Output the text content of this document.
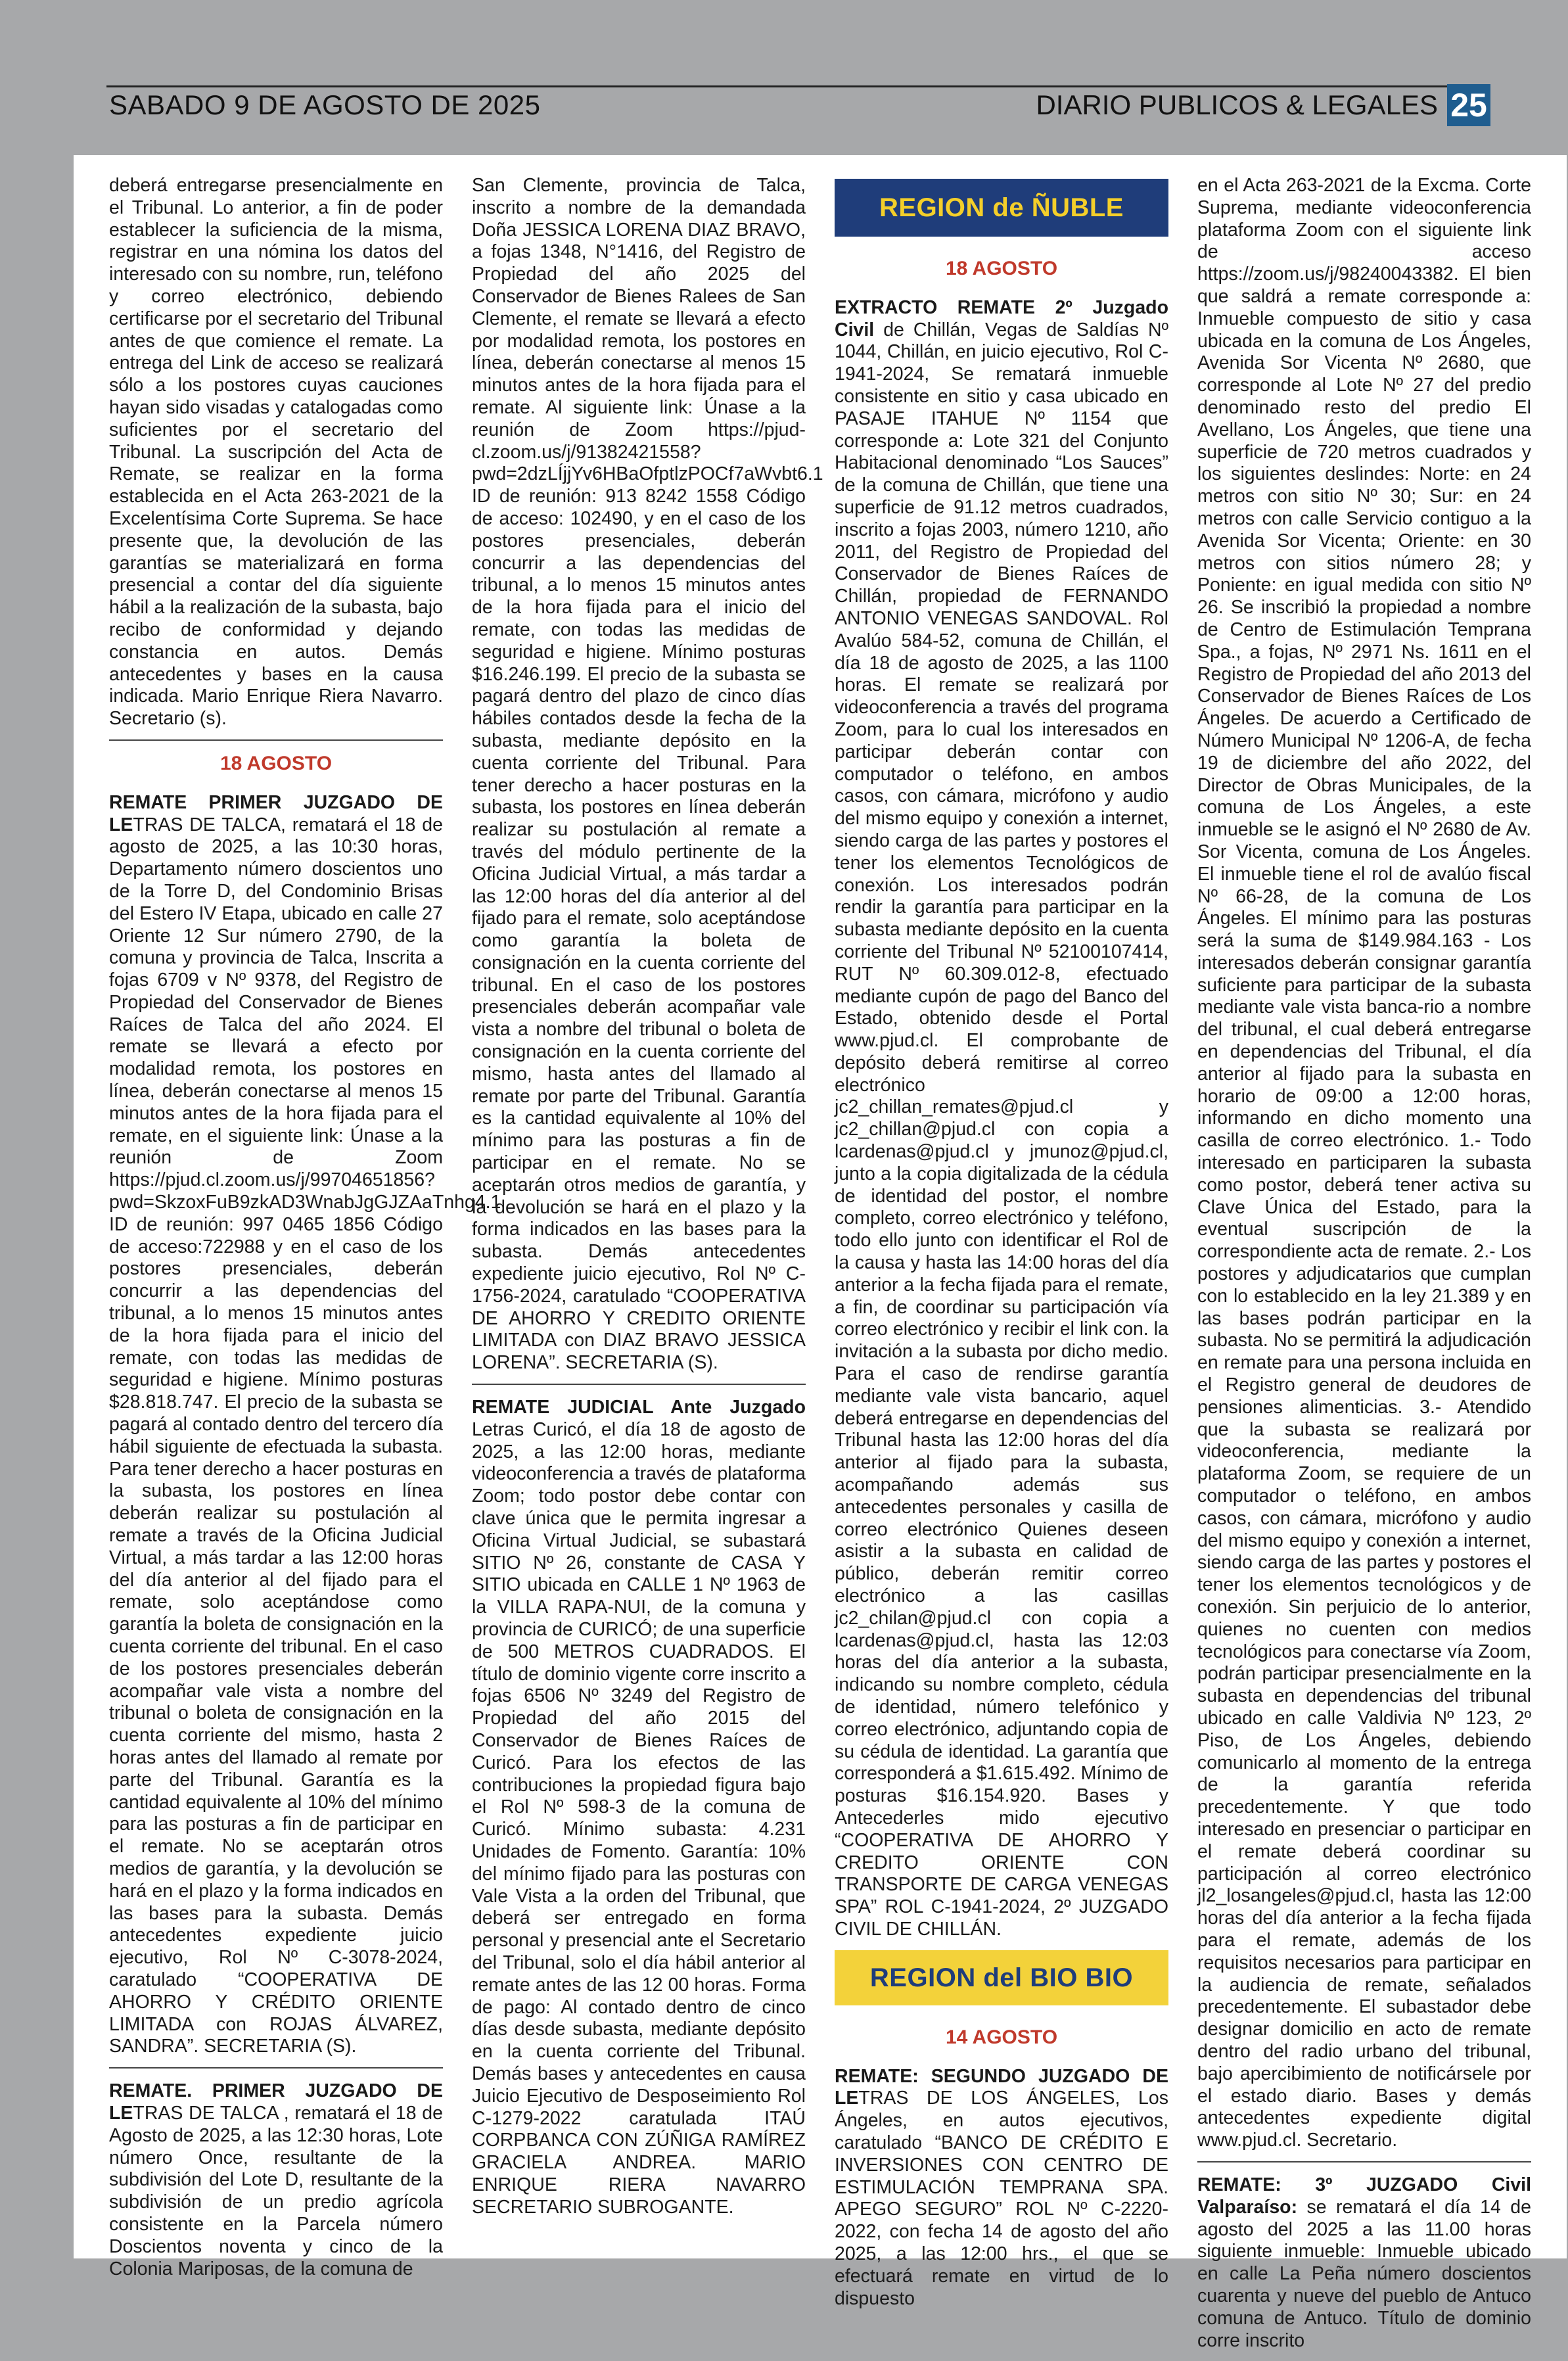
SABADO 9 DE AGOSTO DE 2025	DIARIO PUBLICOS & LEGALES 25

deberá entregarse presencialmente en el Tribunal. Lo anterior, a fin de poder establecer la suficiencia de la misma, registrar en una nómina los datos del interesado con su nombre, run, teléfono y correo electrónico, debiendo certificarse por el secretario del Tribunal antes de que comience el remate. La entrega del Link de acceso se realizará sólo a los postores cuyas cauciones hayan sido visadas y catalogadas como suficientes por el secretario del Tribunal. La suscripción del Acta de Remate, se realizar en la forma establecida en el Acta 263-2021 de la Excelentísima Corte Suprema. Se hace presente que, la devolución de las garantías se materializará en forma presencial a contar del día siguiente hábil a la realización de la subasta, bajo recibo de conformidad y dejando constancia en autos. Demás antecedentes y bases en la causa indicada. Mario Enrique Riera Navarro. Secretario (s).

18 AGOSTO

REMATE PRIMER JUZGADO DE LETRAS DE TALCA, rematará el 18 de agosto de 2025, a las 10:30 horas, Departamento número doscientos uno de la Torre D, del Condominio Brisas del Estero IV Etapa, ubicado en calle 27 Oriente 12 Sur número 2790, de la comuna y provincia de Talca, Inscrita a fojas 6709 v Nº 9378, del Registro de Propiedad del Conservador de Bienes Raíces de Talca del año 2024. El remate se llevará a efecto por modalidad remota, los postores en línea, deberán conectarse al menos 15 minutos antes de la hora fijada para el remate, en el siguiente link: Únase a la reunión de Zoom https://pjud.cl.zoom.us/j/99704651856?pwd=SkzoxFuB9zkAD3WnabJgGJZAaTnhg4.1 ID de reunión: 997 0465 1856 Código de acceso:722988 y en el caso de los postores presenciales, deberán concurrir a las dependencias del tribunal, a lo menos 15 minutos antes de la hora fijada para el inicio del remate, con todas las medidas de seguridad e higiene. Mínimo posturas $28.818.747. El precio de la subasta se pagará al contado dentro del tercero día hábil siguiente de efectuada la subasta. Para tener derecho a hacer posturas en la subasta, los postores en línea deberán realizar su postulación al remate a través de la Oficina Judicial Virtual, a más tardar a las 12:00 horas del día anterior al del fijado para el remate, solo aceptándose como garantía la boleta de consignación en la cuenta corriente del tribunal. En el caso de los postores presenciales deberán acompañar vale vista a nombre del tribunal o boleta de consignación en la cuenta corriente del mismo, hasta 2 horas antes del llamado al remate por parte del Tribunal. Garantía es la cantidad equivalente al 10% del mínimo para las posturas a fin de participar en el remate. No se aceptarán otros medios de garantía, y la devolución se hará en el plazo y la forma indicados en las bases para la subasta. Demás antecedentes expediente juicio ejecutivo, Rol Nº C-3078-2024, caratulado “COOPERATIVA DE AHORRO Y CRÉDITO ORIENTE LIMITADA con ROJAS ÁLVAREZ, SANDRA”. SECRETARIA (S).

REMATE. PRIMER JUZGADO DE LETRAS DE TALCA , rematará el 18 de Agosto de 2025, a las 12:30 horas, Lote número Once, resultante de la subdivisión del Lote D, resultante de la subdivisión de un predio agrícola consistente en la Parcela número Doscientos noventa y cinco de la Colonia Mariposas, de la comuna de

San Clemente, provincia de Talca, inscrito a nombre de la demandada Doña JESSICA LORENA DIAZ BRAVO, a fojas 1348, N°1416, del Registro de Propiedad del año 2025 del Conservador de Bienes Ralees de San Clemente, el remate se llevará a efecto por modalidad remota, los postores en línea, deberán conectarse al menos 15 minutos antes de la hora fijada para el remate. Al siguiente link: Únase a la reunión de Zoom https://pjud-cl.zoom.us/j/91382421558?pwd=2dzLÍjjYv6HBaOfptlzPOCf7aWvbt6.1 ID de reunión: 913 8242 1558 Código de acceso: 102490, y en el caso de los postores presenciales, deberán concurrir a las dependencias del tribunal, a lo menos 15 minutos antes de la hora fijada para el inicio del remate, con todas las medidas de seguridad e higiene. Mínimo posturas $16.246.199. El precio de la subasta se pagará dentro del plazo de cinco días hábiles contados desde la fecha de la subasta, mediante depósito en la cuenta corriente del Tribunal. Para tener derecho a hacer posturas en la subasta, los postores en línea deberán realizar su postulación al remate a través del módulo pertinente de la Oficina Judicial Virtual, a más tardar a las 12:00 horas del día anterior al del fijado para el remate, solo aceptándose como garantía la boleta de consignación en la cuenta corriente del tribunal. En el caso de los postores presenciales deberán acompañar vale vista a nombre del tribunal o boleta de consignación en la cuenta corriente del mismo, hasta antes del llamado al remate por parte del Tribunal. Garantía es la cantidad equivalente al 10% del mínimo para las posturas a fin de participar en el remate. No se aceptarán otros medios de garantía, y la devolución se hará en el plazo y la forma indicados en las bases para la subasta. Demás antecedentes expediente juicio ejecutivo, Rol Nº C-1756-2024, caratulado “COOPERATIVA DE AHORRO Y CREDITO ORIENTE LIMITADA con DIAZ BRAVO JESSICA LORENA”. SECRETARIA (S).

REMATE JUDICIAL Ante Juzgado Letras Curicó, el día 18 de agosto de 2025, a las 12:00 horas, mediante videoconferencia a través de plataforma Zoom; todo postor debe contar con clave única que le permita ingresar a Oficina Virtual Judicial, se subastará SITIO Nº 26, constante de CASA Y SITIO ubicada en CALLE 1 Nº 1963 de la VILLA RAPA-NUI, de la comuna y provincia de CURICÓ; de una superficie de 500 METROS CUADRADOS. El título de dominio vigente corre inscrito a fojas 6506 Nº 3249 del Registro de Propiedad del año 2015 del Conservador de Bienes Raíces de Curicó. Para los efectos de las contribuciones la propiedad figura bajo el Rol Nº 598-3 de la comuna de Curicó. Mínimo subasta: 4.231 Unidades de Fomento. Garantía: 10% del mínimo fijado para las posturas con Vale Vista a la orden del Tribunal, que deberá ser entregado en forma personal y presencial ante el Secretario del Tribunal, solo el día hábil anterior al remate antes de las 12 00 horas. Forma de pago: Al contado dentro de cinco días desde subasta, mediante depósito en la cuenta corriente del Tribunal. Demás bases y antecedentes en causa Juicio Ejecutivo de Desposeimiento Rol C-1279-2022 caratulada ITAÚ CORPBANCA CON ZÚÑIGA RAMÍREZ GRACIELA ANDREA. MARIO ENRIQUE RIERA NAVARRO SECRETARIO SUBROGANTE.

REGION de ÑUBLE
18 AGOSTO

EXTRACTO REMATE 2º Juzgado Civil de Chillán, Vegas de Saldías Nº 1044, Chillán, en juicio ejecutivo, Rol C-1941-2024, Se rematará inmueble consistente en sitio y casa ubicado en PASAJE ITAHUE Nº 1154 que corresponde a: Lote 321 del Conjunto Habitacional denominado “Los Sauces” de la comuna de Chillán, que tiene una superficie de 91.12 metros cuadrados, inscrito a fojas 2003, número 1210, año 2011, del Registro de Propiedad del Conservador de Bienes Raíces de Chillán, propiedad de FERNANDO ANTONIO VENEGAS SANDOVAL. Rol Avalúo 584-52, comuna de Chillán, el día 18 de agosto de 2025, a las 1100 horas. El remate se realizará por videoconferencia a través del programa Zoom, para lo cual los interesados en participar deberán contar con computador o teléfono, en ambos casos, con cámara, micrófono y audio del mismo equipo y conexión a internet, siendo carga de las partes y postores el tener los elementos Tecnológicos de conexión. Los interesados podrán rendir la garantía para participar en la subasta mediante depósito en la cuenta corriente del Tribunal Nº 52100107414, RUT Nº 60.309.012-8, efectuado mediante cupón de pago del Banco del Estado, obtenido desde el Portal www.pjud.cl. El comprobante de depósito deberá remitirse al correo electrónico jc2_chillan_remates@pjud.cl y jc2_chillan@pjud.cl con copia a lcardenas@pjud.cl y jmunoz@pjud.cl, junto a la copia digitalizada de la cédula de identidad del postor, el nombre completo, correo electrónico y teléfono, todo ello junto con identificar el Rol de la causa y hasta las 14:00 horas del día anterior a la fecha fijada para el remate, a fin, de coordinar su participación vía correo electrónico y recibir el link con. la invitación a la subasta por dicho medio. Para el caso de rendirse garantía mediante vale vista bancario, aquel deberá entregarse en dependencias del Tribunal hasta las 12:00 horas del día anterior al fijado para la subasta, acompañando además sus antecedentes personales y casilla de correo electrónico Quienes deseen asistir a la subasta en calidad de público, deberán remitir correo electrónico a las casillas jc2_chilan@pjud.cl con copia a lcardenas@pjud.cl, hasta las 12:03 horas del día anterior a la subasta, indicando su nombre completo, cédula de identidad, número telefónico y correo electrónico, adjuntando copia de su cédula de identidad. La garantía que corresponderá a $1.615.492. Mínimo de posturas $16.154.920. Bases y Antecederles mido ejecutivo “COOPERATIVA DE AHORRO Y CREDITO ORIENTE CON TRANSPORTE DE CARGA VENEGAS SPA” ROL C-1941-2024, 2º JUZGADO CIVIL DE CHILLÁN.

REGION del BIO BIO
14 AGOSTO

REMATE: SEGUNDO JUZGADO DE LETRAS DE LOS ÁNGELES, Los Ángeles, en autos ejecutivos, caratulado “BANCO DE CRÉDITO E INVERSIONES CON CENTRO DE ESTIMULACIÓN TEMPRANA SPA. APEGO SEGURO” ROL Nº C-2220-2022, con fecha 14 de agosto del año 2025, a las 12:00 hrs., el que se efectuará remate en virtud de lo dispuesto

en el Acta 263-2021 de la Excma. Corte Suprema, mediante videoconferencia plataforma Zoom con el siguiente link de acceso https://zoom.us/j/98240043382. El bien que saldrá a remate corresponde a: Inmueble compuesto de sitio y casa ubicada en la comuna de Los Ángeles, Avenida Sor Vicenta Nº 2680, que corresponde al Lote Nº 27 del predio denominado resto del predio El Avellano, Los Ángeles, que tiene una superficie de 720 metros cuadrados y los siguientes deslindes: Norte: en 24 metros con sitio Nº 30; Sur: en 24 metros con calle Servicio contiguo a la Avenida Sor Vicenta; Oriente: en 30 metros con sitios número 28; y Poniente: en igual medida con sitio Nº 26. Se inscribió la propiedad a nombre de Centro de Estimulación Temprana Spa., a fojas, Nº 2971 Ns. 1611 en el Registro de Propiedad del año 2013 del Conservador de Bienes Raíces de Los Ángeles. De acuerdo a Certificado de Número Municipal Nº 1206-A, de fecha 19 de diciembre del año 2022, del Director de Obras Municipales, de la comuna de Los Ángeles, a este inmueble se le asignó el Nº 2680 de Av. Sor Vicenta, comuna de Los Ángeles. El inmueble tiene el rol de avalúo fiscal Nº 66-28, de la comuna de Los Ángeles. El mínimo para las posturas será la suma de $149.984.163 - Los interesados deberán consignar garantía suficiente para participar de la subasta mediante vale vista banca-rio a nombre del tribunal, el cual deberá entregarse en dependencias del Tribunal, el día anterior al fijado para la subasta en horario de 09:00 a 12:00 horas, informando en dicho momento una casilla de correo electrónico. 1.- Todo interesado en participaren la subasta como postor, deberá tener activa su Clave Única del Estado, para la eventual suscripción de la correspondiente acta de remate. 2.- Los postores y adjudicatarios que cumplan con lo establecido en la ley 21.389 y en las bases podrán participar en la subasta. No se permitirá la adjudicación en remate para una persona incluida en el Registro general de deudores de pensiones alimenticias. 3.- Atendido que la subasta se realizará por videoconferencia, mediante la plataforma Zoom, se requiere de un computador o teléfono, en ambos casos, con cámara, micrófono y audio del mismo equipo y conexión a internet, siendo carga de las partes y postores el tener los elementos tecnológicos y de conexión. Sin perjuicio de lo anterior, quienes no cuenten con medios tecnológicos para conectarse vía Zoom, podrán participar presencialmente en la subasta en dependencias del tribunal ubicado en calle Valdivia Nº 123, 2º Piso, de Los Ángeles, debiendo comunicarlo al momento de la entrega de la garantía referida precedentemente. Y que todo interesado en presenciar o participar en el remate deberá coordinar su participación al correo electrónico jl2_losangeles@pjud.cl, hasta las 12:00 horas del día anterior a la fecha fijada para el remate, además de los requisitos necesarios para participar en la audiencia de remate, señalados precedentemente. El subastador debe designar domicilio en acto de remate dentro del radio urbano del tribunal, bajo apercibimiento de notificársele por el estado diario. Bases y demás antecedentes expediente digital www.pjud.cl. Secretario.

REMATE: 3º JUZGADO Civil Valparaíso: se rematará el día 14 de agosto del 2025 a las 11.00 horas siguiente inmueble: Inmueble ubicado en calle La Peña número doscientos cuarenta y nueve del pueblo de Antuco comuna de Antuco. Título de dominio corre inscrito
